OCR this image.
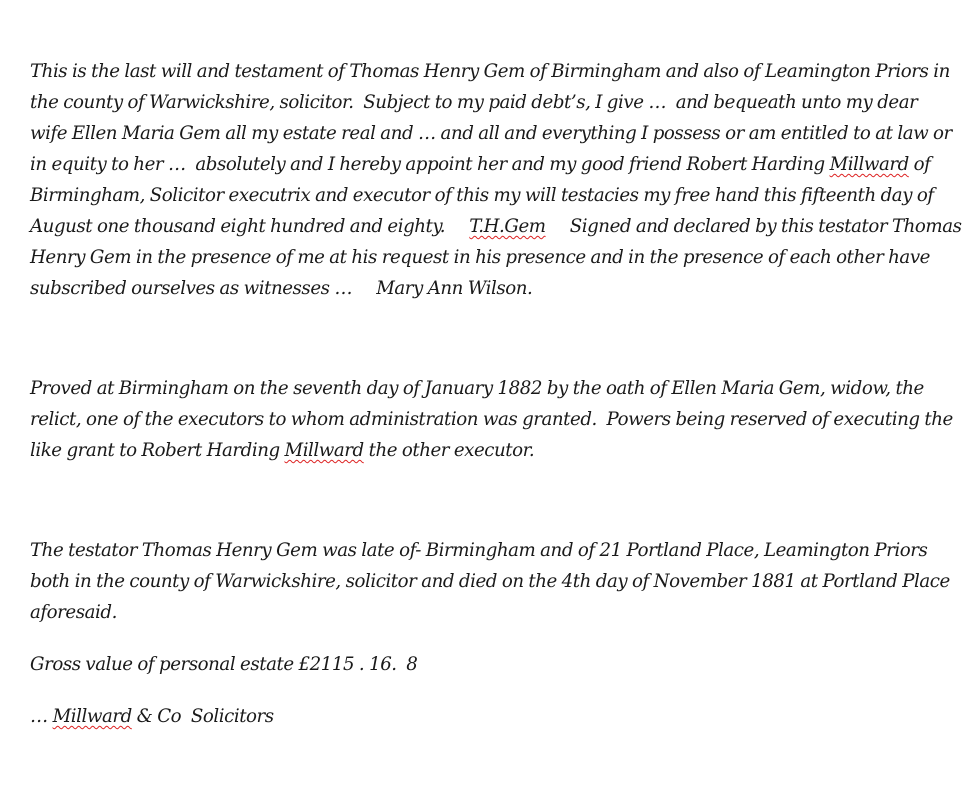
This is the last will and testament of Thomas Henry Gem of Birmingham and also of Leamington Priors in
the county of Warwickshire, solicitor.  Subject to my paid debt’s, I give …  and bequeath unto my dear
wife Ellen Maria Gem all my estate real and … and all and everything I possess or am entitled to at law or
in equity to her …  absolutely and I hereby appoint her and my good friend Robert Harding Millward of
Birmingham, Solicitor executrix and executor of this my will testacies my free hand this fifteenth day of
August one thousand eight hundred and eighty.     T.H.Gem     Signed and declared by this testator Thomas
Henry Gem in the presence of me at his request in his presence and in the presence of each other have
subscribed ourselves as witnesses …     Mary Ann Wilson.
Proved at Birmingham on the seventh day of January 1882 by the oath of Ellen Maria Gem, widow, the
relict, one of the executors to whom administration was granted.  Powers being reserved of executing the
like grant to Robert Harding Millward the other executor.
The testator Thomas Henry Gem was late of- Birmingham and of 21 Portland Place, Leamington Priors
both in the county of Warwickshire, solicitor and died on the 4th day of November 1881 at Portland Place
aforesaid.
Gross value of personal estate £2115 . 16.  8
… Millward & Co  Solicitors
